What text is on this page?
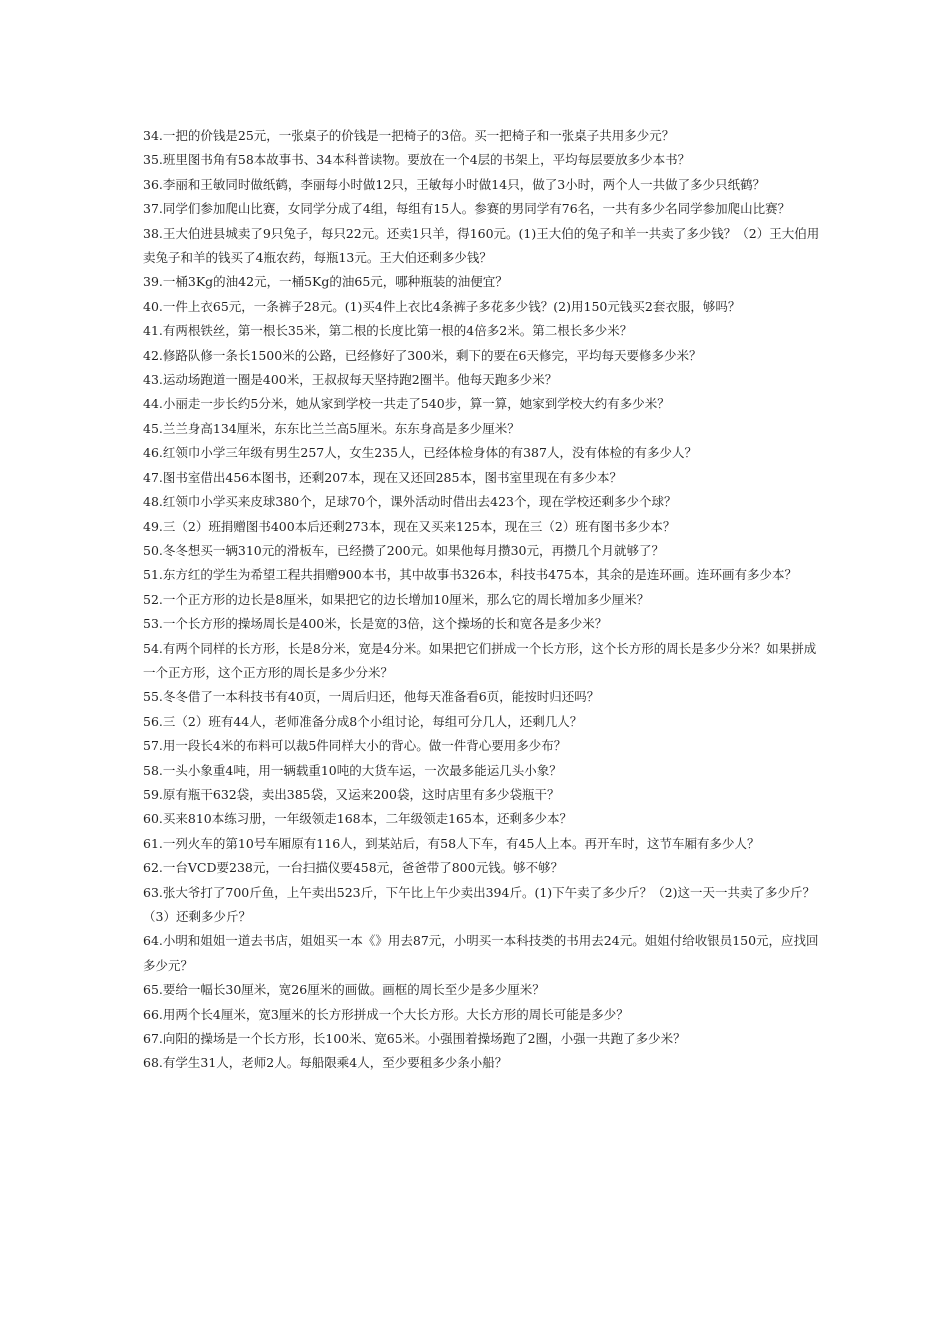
34.一把的价钱是25元，一张桌子的价钱是一把椅子的3倍。买一把椅子和一张桌子共用多少元？
35.班里图书角有58本故事书、34本科普读物。要放在一个4层的书架上，平均每层要放多少本书？
36.李丽和王敏同时做纸鹤，李丽每小时做12只，王敏每小时做14只，做了3小时，两个人一共做了多少只纸鹤？
37.同学们参加爬山比赛，女同学分成了4组，每组有15人。参赛的男同学有76名，一共有多少名同学参加爬山比赛？
38.王大伯进县城卖了9只兔子，每只22元。还卖1只羊，得160元。(1)王大伯的兔子和羊一共卖了多少钱？（2）王大伯用卖兔子和羊的钱买了4瓶农药，每瓶13元。王大伯还剩多少钱？
39.一桶3Kg的油42元，一桶5Kg的油65元，哪种瓶装的油便宜？
40.一件上衣65元，一条裤子28元。(1)买4件上衣比4条裤子多花多少钱？(2)用150元钱买2套衣服，够吗？
41.有两根铁丝，第一根长35米，第二根的长度比第一根的4倍多2米。第二根长多少米？
42.修路队修一条长1500米的公路，已经修好了300米，剩下的要在6天修完，平均每天要修多少米？
43.运动场跑道一圈是400米，王叔叔每天坚持跑2圈半。他每天跑多少米？
44.小丽走一步长约5分米，她从家到学校一共走了540步，算一算，她家到学校大约有多少米？
45.兰兰身高134厘米，东东比兰兰高5厘米。东东身高是多少厘米？
46.红领巾小学三年级有男生257人，女生235人，已经体检身体的有387人，没有体检的有多少人？
47.图书室借出456本图书，还剩207本，现在又还回285本，图书室里现在有多少本？
48.红领巾小学买来皮球380个，足球70个，课外活动时借出去423个，现在学校还剩多少个球？
49.三（2）班捐赠图书400本后还剩273本，现在又买来125本，现在三（2）班有图书多少本？
50.冬冬想买一辆310元的滑板车，已经攒了200元。如果他每月攒30元，再攒几个月就够了？
51.东方红的学生为希望工程共捐赠900本书，其中故事书326本，科技书475本，其余的是连环画。连环画有多少本？
52.一个正方形的边长是8厘米，如果把它的边长增加10厘米，那么它的周长增加多少厘米？
53.一个长方形的操场周长是400米，长是宽的3倍，这个操场的长和宽各是多少米？
54.有两个同样的长方形，长是8分米，宽是4分米。如果把它们拼成一个长方形，这个长方形的周长是多少分米？如果拼成一个正方形，这个正方形的周长是多少分米？
55.冬冬借了一本科技书有40页，一周后归还，他每天准备看6页，能按时归还吗？
56.三（2）班有44人，老师准备分成8个小组讨论，每组可分几人，还剩几人？
57.用一段长4米的布料可以裁5件同样大小的背心。做一件背心要用多少布？
58.一头小象重4吨，用一辆载重10吨的大货车运，一次最多能运几头小象？
59.原有瓶干632袋，卖出385袋，又运来200袋，这时店里有多少袋瓶干？
60.买来810本练习册，一年级领走168本，二年级领走165本，还剩多少本？
61.一列火车的第10号车厢原有116人，到某站后，有58人下车，有45人上本。再开车时，这节车厢有多少人？
62.一台VCD要238元，一台扫描仪要458元，爸爸带了800元钱。够不够？
63.张大爷打了700斤鱼，上午卖出523斤，下午比上午少卖出394斤。(1)下午卖了多少斤？（2)这一天一共卖了多少斤？（3）还剩多少斤？
64.小明和姐姐一道去书店，姐姐买一本《》用去87元，小明买一本科技类的书用去24元。姐姐付给收银员150元，应找回多少元？
65.要给一幅长30厘米，宽26厘米的画做。画框的周长至少是多少厘米？
66.用两个长4厘米，宽3厘米的长方形拼成一个大长方形。大长方形的周长可能是多少？
67.向阳的操场是一个长方形，长100米、宽65米。小强围着操场跑了2圈，小强一共跑了多少米？
68.有学生31人，老师2人。每船限乘4人，至少要租多少条小船？
